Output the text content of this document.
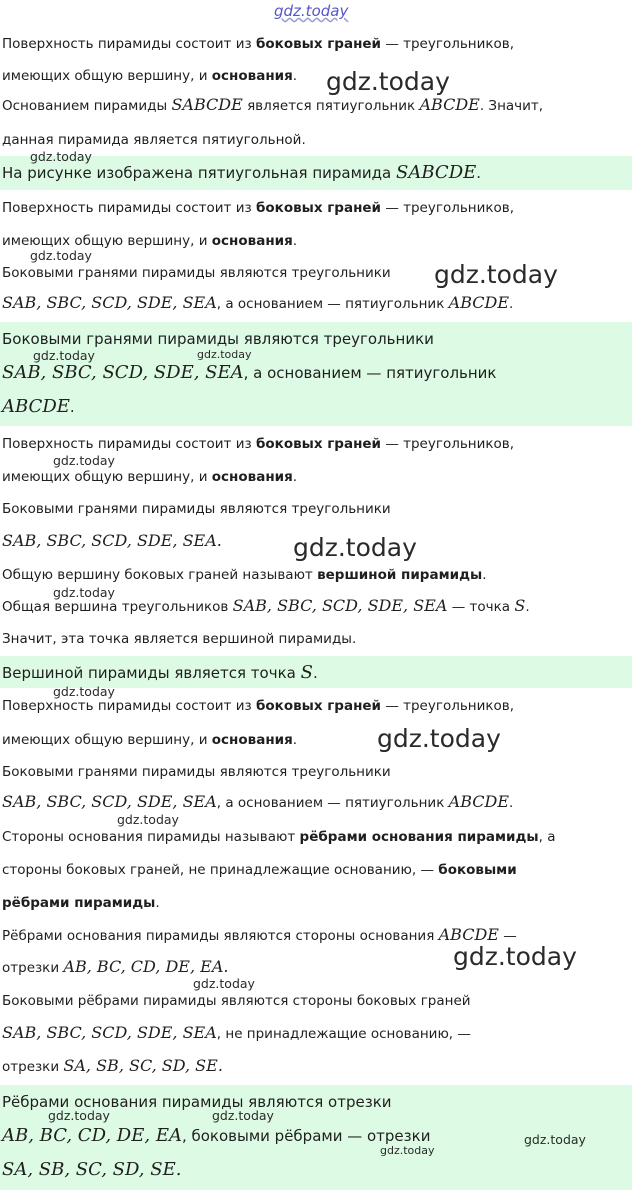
Поверхность пирамиды состоит из боковых граней — треугольников,
имеющих общую вершину, и основания.
Основанием пирамиды SABCDE является пятиугольник ABCDE. Значит,
данная пирамида является пятиугольной.
На рисунке изображена пятиугольная пирамида SABCDE.
Поверхность пирамиды состоит из боковых граней — треугольников,
имеющих общую вершину, и основания.
Боковыми гранями пирамиды являются треугольники
SAB, SBC, SCD, SDE, SEA, а основанием — пятиугольник ABCDE.
Боковыми гранями пирамиды являются треугольники
SAB, SBC, SCD, SDE, SEA, а основанием — пятиугольник
ABCDE.
Поверхность пирамиды состоит из боковых граней — треугольников,
имеющих общую вершину, и основания.
Боковыми гранями пирамиды являются треугольники
SAB, SBC, SCD, SDE, SEA.
Общую вершину боковых граней называют вершиной пирамиды.
Общая вершина треугольников SAB, SBC, SCD, SDE, SEA — точка S.
Значит, эта точка является вершиной пирамиды.
Вершиной пирамиды является точка S.
Поверхность пирамиды состоит из боковых граней — треугольников,
имеющих общую вершину, и основания.
Боковыми гранями пирамиды являются треугольники
SAB, SBC, SCD, SDE, SEA, а основанием — пятиугольник ABCDE.
Стороны основания пирамиды называют рёбрами основания пирамиды, а
стороны боковых граней, не принадлежащие основанию, — боковыми
рёбрами пирамиды.
Рёбрами основания пирамиды являются стороны основания ABCDE —
отрезки AB, BC, CD, DE, EA.
Боковыми рёбрами пирамиды являются стороны боковых граней
SAB, SBC, SCD, SDE, SEA, не принадлежащие основанию, —
отрезки SA, SB, SC, SD, SE.
Рёбрами основания пирамиды являются отрезки
AB, BC, CD, DE, EA, боковыми рёбрами — отрезки
SA, SB, SC, SD, SE.
gdz.today
gdz.today
gdz.today
gdz.today
gdz.today
gdz.today	gdz.today
gdz.today
gdz.today
gdz.today
gdz.today
gdz.today
gdz.today
gdz.today
gdz.today
gdz.today	gdz.today
gdz.today
gdz.today
